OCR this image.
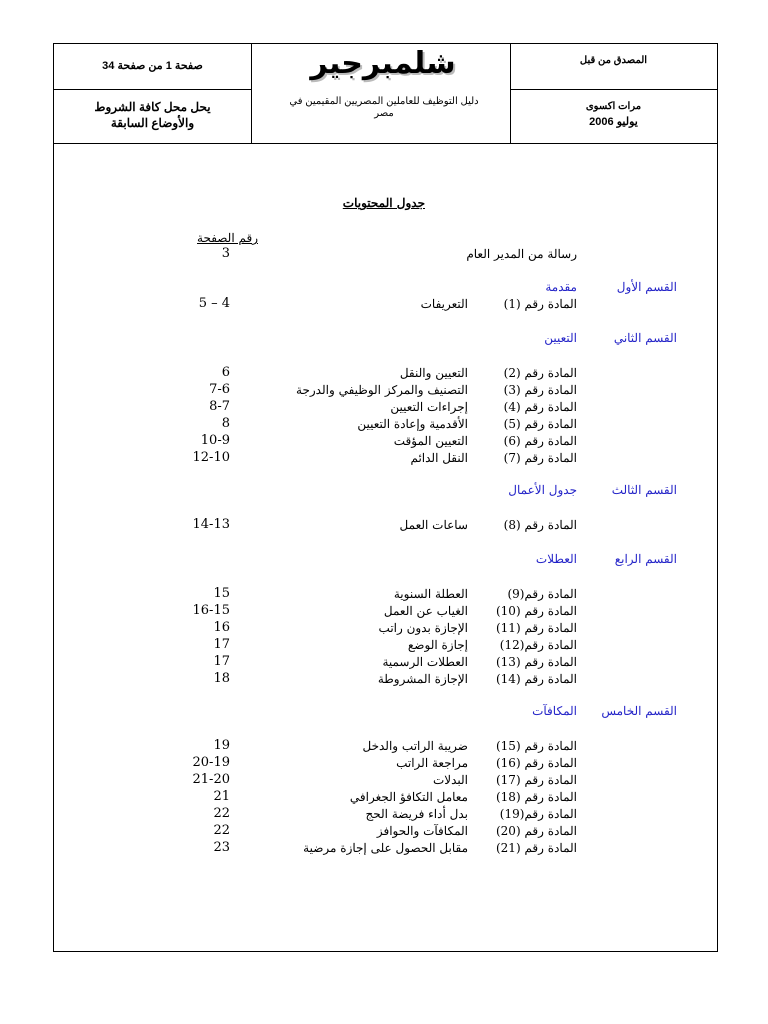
صفحة 1 من صفحة 34
يحل محل كافة الشروط
والأوضاع السابقة
شلمبرجير
دليل التوظيف للعاملين المصريين المقيمين في
مصر
المصدق من قبل
مرات اكسوى
يوليو 2006
جدول المحتويات
رقم الصفحة
رسالة من المدير العام
3
القسم الأول
مقدمة
المادة رقم (1)
التعريفات
5 – 4
القسم الثاني
التعيين
المادة رقم (2)
التعيين والنقل
6
المادة رقم (3)
التصنيف والمركز الوظيفي والدرجة
7-6
المادة رقم (4)
إجراءات التعيين
8-7
المادة رقم (5)
الأقدمية وإعادة التعيين
8
المادة رقم (6)
التعيين المؤقت
10-9
المادة رقم (7)
النقل الدائم
12-10
القسم الثالث
جدول الأعمال
المادة رقم (8)
ساعات العمل
14-13
القسم الرابع
العطلات
المادة رقم(9)
العطلة السنوية
15
المادة رقم (10)
الغياب عن العمل
16-15
المادة رقم (11)
الإجازة بدون راتب
16
المادة رقم(12)
إجازة الوضع
17
المادة رقم (13)
العطلات الرسمية
17
المادة رقم (14)
الإجازة المشروطة
18
القسم الخامس
المكافآت
المادة رقم (15)
ضريبة الراتب والدخل
19
المادة رقم (16)
مراجعة الراتب
20-19
المادة رقم (17)
البدلات
21-20
المادة رقم (18)
معامل التكافؤ الجغرافي
21
المادة رقم(19)
بدل أداء فريضة الحج
22
المادة رقم (20)
المكافآت والحوافز
22
المادة رقم (21)
مقابل الحصول على إجازة مرضية
23
